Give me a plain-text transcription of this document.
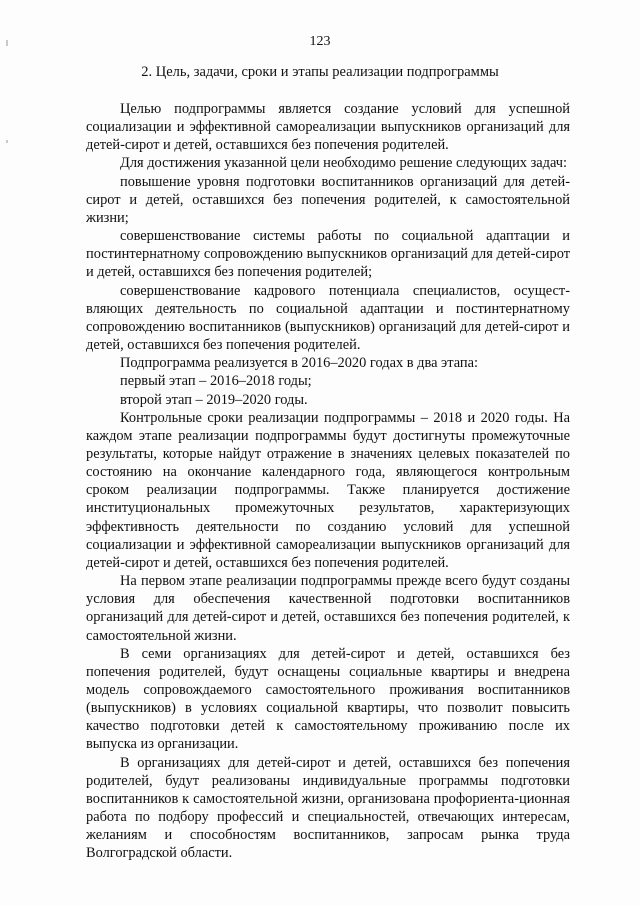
123
2. Цель, задачи, сроки и этапы реализации подпрограммы

Целью подпрограммы является создание условий для успешной социализации и эффективной самореализации выпускников организаций для детей-сирот и детей, оставшихся без попечения родителей.

Для достижения указанной цели необходимо решение следующих задач:

повышение уровня подготовки воспитанников организаций для детей-сирот и детей, оставшихся без попечения родителей, к самостоятельной жизни;

совершенствование системы работы по социальной адаптации и постинтернатному сопровождению выпускников организаций для детей-сирот и детей, оставшихся без попечения родителей;

совершенствование кадрового потенциала специалистов, осущест-вляющих деятельность по социальной адаптации и постинтернатному сопровождению воспитанников (выпускников) организаций для детей-сирот и детей, оставшихся без попечения родителей.

Подпрограмма реализуется в 2016–2020 годах в два этапа:

первый этап – 2016–2018 годы;

второй этап – 2019–2020 годы.

Контрольные сроки реализации подпрограммы – 2018 и 2020 годы. На каждом этапе реализации подпрограммы будут достигнуты промежуточные результаты, которые найдут отражение в значениях целевых показателей по состоянию на окончание календарного года, являющегося контрольным сроком реализации подпрограммы. Также планируется достижение институциональных промежуточных результатов, характеризующих эффективность деятельности по созданию условий для успешной социализации и эффективной самореализации выпускников организаций для детей-сирот и детей, оставшихся без попечения родителей.

На первом этапе реализации подпрограммы прежде всего будут созданы условия для обеспечения качественной подготовки воспитанников организаций для детей-сирот и детей, оставшихся без попечения родителей, к самостоятельной жизни.

В семи организациях для детей-сирот и детей, оставшихся без попечения родителей, будут оснащены социальные квартиры и внедрена модель сопровождаемого самостоятельного проживания воспитанников (выпускников) в условиях социальной квартиры, что позволит повысить качество подготовки детей к самостоятельному проживанию после их выпуска из организации.

В организациях для детей-сирот и детей, оставшихся без попечения родителей, будут реализованы индивидуальные программы подготовки воспитанников к самостоятельной жизни, организована профориента-ционная работа по подбору профессий и специальностей, отвечающих интересам, желаниям и способностям воспитанников, запросам рынка труда Волгоградской области.
